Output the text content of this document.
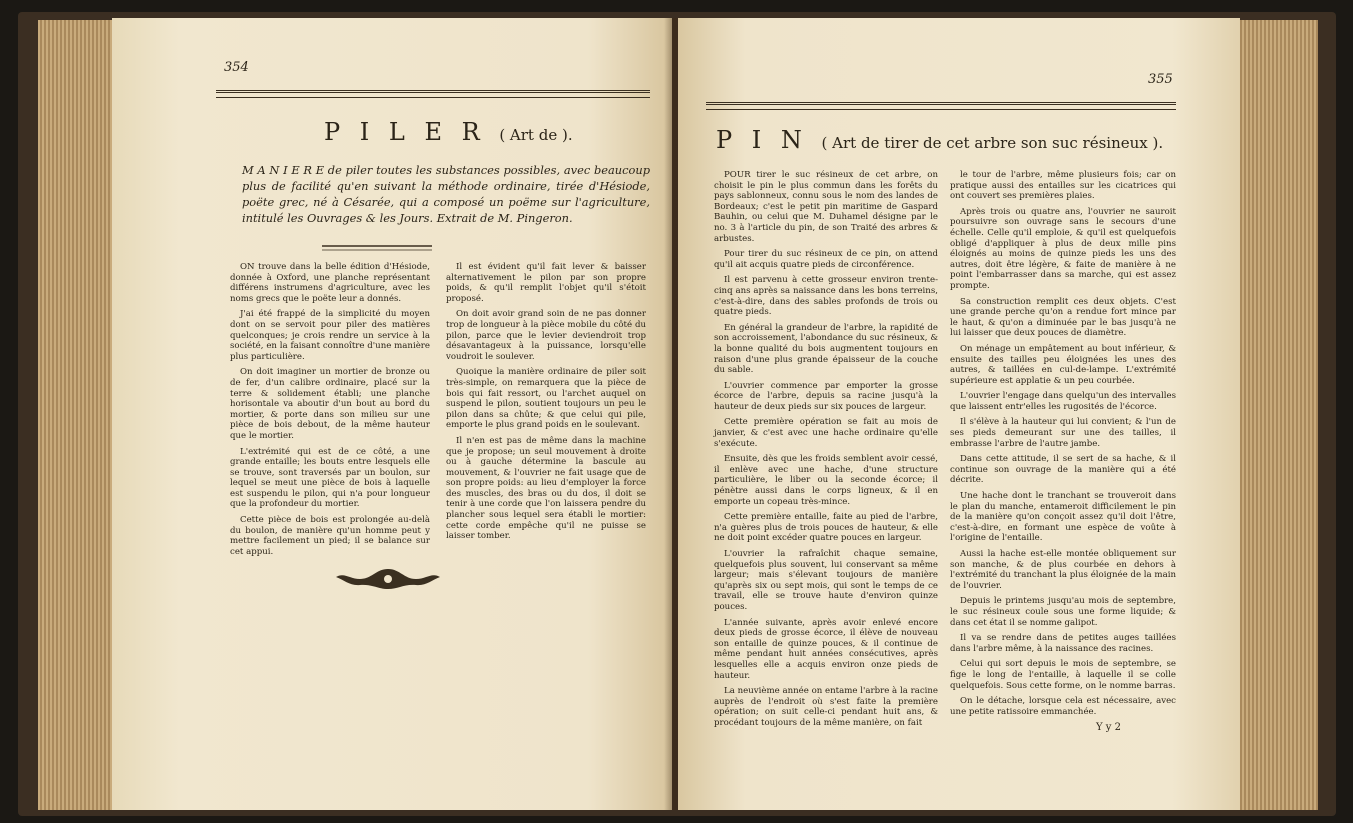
354
P I L E R ( Art de ).
M A N I E R E de piler toutes les substances possibles, avec beaucoup plus de facilité qu'en suivant la méthode ordinaire, tirée d'Hésiode, poëte grec, né à Césarée, qui a composé un poëme sur l'agriculture, intitulé les Ouvrages & les Jours. Extrait de M. Pingeron.

ON trouve dans la belle édition d'Hésiode, donnée à Oxford, une planche représentant différens instrumens d'agriculture, avec les noms grecs que le poëte leur a donnés.

J'ai été frappé de la simplicité du moyen dont on se servoit pour piler des matières quelconques; je crois rendre un service à la société, en la faisant connoître d'une manière plus particulière.

On doit imaginer un mortier de bronze ou de fer, d'un calibre ordinaire, placé sur la terre & solidement établi; une planche horisontale va aboutir d'un bout au bord du mortier, & porte dans son milieu sur une pièce de bois debout, de la même hauteur que le mortier.

L'extrémité qui est de ce côté, a une grande entaille; les bouts entre lesquels elle se trouve, sont traversés par un boulon, sur lequel se meut une pièce de bois à laquelle est suspendu le pilon, qui n'a pour longueur que la profondeur du mortier.

Cette pièce de bois est prolongée au-delà du boulon, de manière qu'un homme peut y mettre facilement un pied; il se balance sur cet appui.

Il est évident qu'il fait lever & baisser alternativement le pilon par son propre poids, & qu'il remplit l'objet qu'il s'étoit proposé.

On doit avoir grand soin de ne pas donner trop de longueur à la pièce mobile du côté du pilon, parce que le levier deviendroit trop désavantageux à la puissance, lorsqu'elle voudroit le soulever.

Quoique la manière ordinaire de piler soit très-simple, on remarquera que la pièce de bois qui fait ressort, ou l'archet auquel on suspend le pilon, soutient toujours un peu le pilon dans sa chûte; & que celui qui pile, emporte le plus grand poids en le soulevant.

Il n'en est pas de même dans la machine que je propose; un seul mouvement à droite ou à gauche détermine la bascule au mouvement, & l'ouvrier ne fait usage que de son propre poids: au lieu d'employer la force des muscles, des bras ou du dos, il doit se tenir à une corde que l'on laissera pendre du plancher sous lequel sera établi le mortier: cette corde empêche qu'il ne puisse se laisser tomber.

355
P I N ( Art de tirer de cet arbre son suc résineux ).

POUR tirer le suc résineux de cet arbre, on choisit le pin le plus commun dans les forêts du pays sablonneux, connu sous le nom des landes de Bordeaux; c'est le petit pin maritime de Gaspard Bauhin, ou celui que M. Duhamel désigne par le no. 3 à l'article du pin, de son Traité des arbres & arbustes.

Pour tirer du suc résineux de ce pin, on attend qu'il ait acquis quatre pieds de circonférence.

Il est parvenu à cette grosseur environ trente-cinq ans après sa naissance dans les bons terreins, c'est-à-dire, dans des sables profonds de trois ou quatre pieds.

En général la grandeur de l'arbre, la rapidité de son accroissement, l'abondance du suc résineux, & la bonne qualité du bois augmentent toujours en raison d'une plus grande épaisseur de la couche du sable.

L'ouvrier commence par emporter la grosse écorce de l'arbre, depuis sa racine jusqu'à la hauteur de deux pieds sur six pouces de largeur.

Cette première opération se fait au mois de janvier, & c'est avec une hache ordinaire qu'elle s'exécute.

Ensuite, dès que les froids semblent avoir cessé, il enlève avec une hache, d'une structure particulière, le liber ou la seconde écorce; il pénètre aussi dans le corps ligneux, & il en emporte un copeau très-mince.

Cette première entaille, faite au pied de l'arbre, n'a guères plus de trois pouces de hauteur, & elle ne doit point excéder quatre pouces en largeur.

L'ouvrier la rafraîchit chaque semaine, quelquefois plus souvent, lui conservant sa même largeur; mais s'élevant toujours de manière qu'après six ou sept mois, qui sont le temps de ce travail, elle se trouve haute d'environ quinze pouces.

L'année suivante, après avoir enlevé encore deux pieds de grosse écorce, il élève de nouveau son entaille de quinze pouces, & il continue de même pendant huit années consécutives, après lesquelles elle a acquis environ onze pieds de hauteur.

La neuvième année on entame l'arbre à la racine auprès de l'endroit où s'est faite la première opération; on suit celle-ci pendant huit ans, & procédant toujours de la même manière, on fait

le tour de l'arbre, même plusieurs fois; car on pratique aussi des entailles sur les cicatrices qui ont couvert ses premières plaies.

Après trois ou quatre ans, l'ouvrier ne sauroit poursuivre son ouvrage sans le secours d'une échelle. Celle qu'il emploie, & qu'il est quelquefois obligé d'appliquer à plus de deux mille pins éloignés au moins de quinze pieds les uns des autres, doit être légère, & faite de manière à ne point l'embarrasser dans sa marche, qui est assez prompte.

Sa construction remplit ces deux objets. C'est une grande perche qu'on a rendue fort mince par le haut, & qu'on a diminuée par le bas jusqu'à ne lui laisser que deux pouces de diamètre.

On ménage un empâtement au bout inférieur, & ensuite des tailles peu éloignées les unes des autres, & taillées en cul-de-lampe. L'extrémité supérieure est applatie & un peu courbée.

L'ouvrier l'engage dans quelqu'un des intervalles que laissent entr'elles les rugosités de l'écorce.

Il s'élève à la hauteur qui lui convient; & l'un de ses pieds demeurant sur une des tailles, il embrasse l'arbre de l'autre jambe.

Dans cette attitude, il se sert de sa hache, & il continue son ouvrage de la manière qui a été décrite.

Une hache dont le tranchant se trouveroit dans le plan du manche, entameroit difficilement le pin de la manière qu'on conçoit assez qu'il doit l'être, c'est-à-dire, en formant une espèce de voûte à l'origine de l'entaille.

Aussi la hache est-elle montée obliquement sur son manche, & de plus courbée en dehors à l'extrémité du tranchant la plus éloignée de la main de l'ouvrier.

Depuis le printems jusqu'au mois de septembre, le suc résineux coule sous une forme liquide; & dans cet état il se nomme galipot.

Il va se rendre dans de petites auges taillées dans l'arbre même, à la naissance des racines.

Celui qui sort depuis le mois de septembre, se fige le long de l'entaille, à laquelle il se colle quelquefois. Sous cette forme, on le nomme barras.

On le détache, lorsque cela est nécessaire, avec une petite ratissoire emmanchée.

Y y 2
